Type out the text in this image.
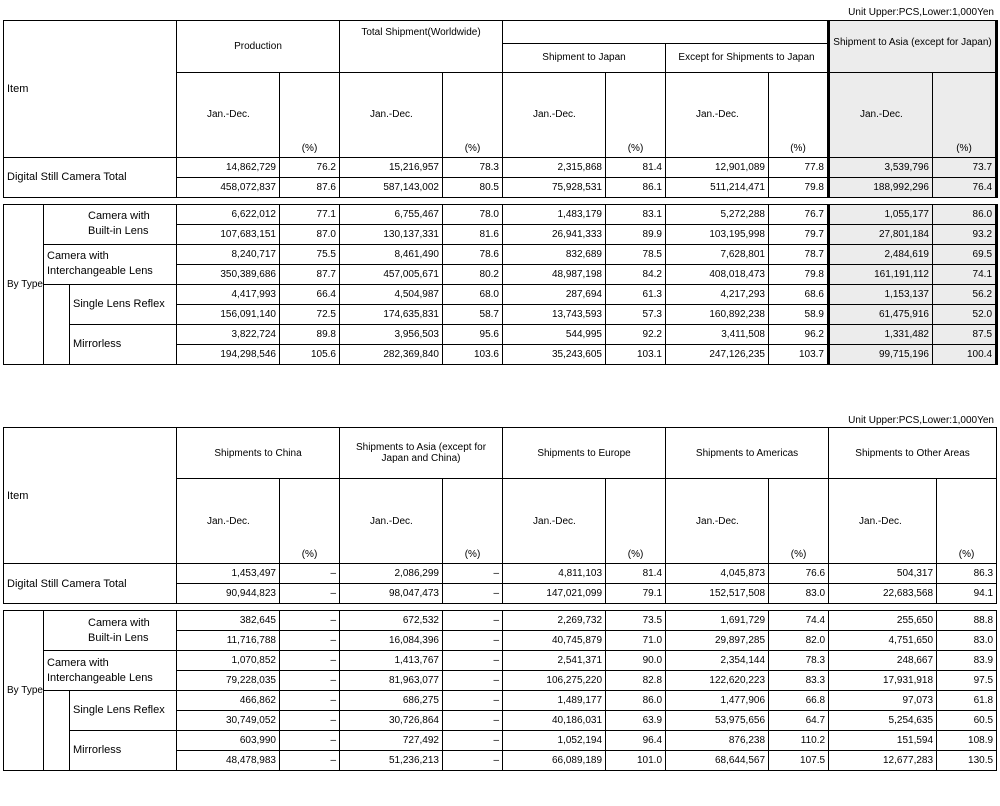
Unit Upper:PCS,Lower:1,000Yen
Item			Production		Total Shipment(Worldwide)						Shipment to Asia (except for Japan)	
							Shipment to Japan		Except for Shipments to Japan			
			Jan.-Dec.	(%)	Jan.-Dec.	(%)	Jan.-Dec.	(%)	Jan.-Dec.	(%)	Jan.-Dec.	(%)
Digital Still Camera Total			14,862,729	76.2	15,216,957	78.3	2,315,868	81.4	12,901,089	77.8	3,539,796	73.7
			458,072,837	87.6	587,143,002	80.5	75,928,531	86.1	511,214,471	79.8	188,992,296	76.4

By Type	Camera with Built-in Lens		6,622,012	77.1	6,755,467	78.0	1,483,179	83.1	5,272,288	76.7	1,055,177	86.0
			107,683,151	87.0	130,137,331	81.6	26,941,333	89.9	103,195,998	79.7	27,801,184	93.2
	Camera with Interchangeable Lens		8,240,717	75.5	8,461,490	78.6	832,689	78.5	7,628,801	78.7	2,484,619	69.5
			350,389,686	87.7	457,005,671	80.2	48,987,198	84.2	408,018,473	79.8	161,191,112	74.1
		Single Lens Reflex	4,417,993	66.4	4,504,987	68.0	287,694	61.3	4,217,293	68.6	1,153,137	56.2
			156,091,140	72.5	174,635,831	58.7	13,743,593	57.3	160,892,238	58.9	61,475,916	52.0
		Mirrorless	3,822,724	89.8	3,956,503	95.6	544,995	92.2	3,411,508	96.2	1,331,482	87.5
			194,298,546	105.6	282,369,840	103.6	35,243,605	103.1	247,126,235	103.7	99,715,196	100.4
Unit Upper:PCS,Lower:1,000Yen
Item			Shipments to China		Shipments to Asia (except for Japan and China)		Shipments to Europe		Shipments to Americas		Shipments to Other Areas	
			Jan.-Dec.	(%)	Jan.-Dec.	(%)	Jan.-Dec.	(%)	Jan.-Dec.	(%)	Jan.-Dec.	(%)
Digital Still Camera Total			1,453,497	–	2,086,299	–	4,811,103	81.4	4,045,873	76.6	504,317	86.3
			90,944,823	–	98,047,473	–	147,021,099	79.1	152,517,508	83.0	22,683,568	94.1

By Type	Camera with Built-in Lens		382,645	–	672,532	–	2,269,732	73.5	1,691,729	74.4	255,650	88.8
			11,716,788	–	16,084,396	–	40,745,879	71.0	29,897,285	82.0	4,751,650	83.0
	Camera with Interchangeable Lens		1,070,852	–	1,413,767	–	2,541,371	90.0	2,354,144	78.3	248,667	83.9
			79,228,035	–	81,963,077	–	106,275,220	82.8	122,620,223	83.3	17,931,918	97.5
		Single Lens Reflex	466,862	–	686,275	–	1,489,177	86.0	1,477,906	66.8	97,073	61.8
			30,749,052	–	30,726,864	–	40,186,031	63.9	53,975,656	64.7	5,254,635	60.5
		Mirrorless	603,990	–	727,492	–	1,052,194	96.4	876,238	110.2	151,594	108.9
			48,478,983	–	51,236,213	–	66,089,189	101.0	68,644,567	107.5	12,677,283	130.5
